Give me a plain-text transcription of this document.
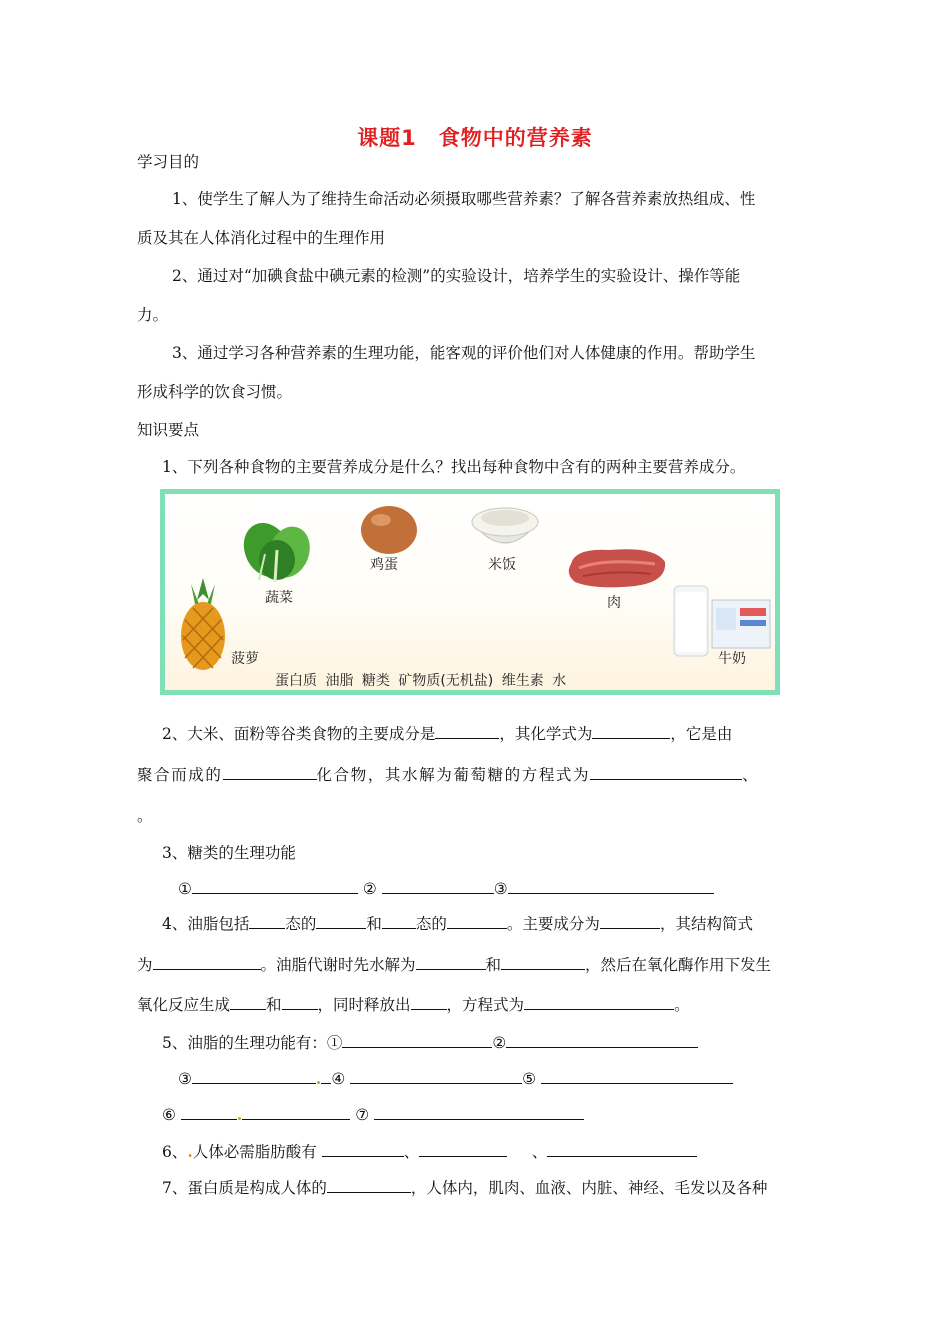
课题1　食物中的营养素
学习目的
1、使学生了解人为了维持生命活动必须摄取哪些营养素？了解各营养素放热组成、性
质及其在人体消化过程中的生理作用
2、通过对“加碘食盐中碘元素的检测”的实验设计，培养学生的实验设计、操作等能
力。
3、通过学习各种营养素的生理功能，能客观的评价他们对人体健康的作用。帮助学生
形成科学的饮食习惯。
知识要点
1、下列各种食物的主要营养成分是什么？找出每种食物中含有的两种主要营养成分。
蔬菜
鸡蛋	米饭
肉
菠萝	牛奶
蛋白质 油脂 糖类 矿物质(无机盐) 维生素 水
2、大米、面粉等谷类食物的主要成分是	，其化学式为	，它是由
聚合而成的	化合物，其水解为葡萄糖的方程式为	、
。
3、糖类的生理功能
①	②	③
4、油脂包括 态的	和 态的	。主要成分为	，其结构简式
为	。油脂代谢时先水解为	和	，然后在氧化酶作用下发生
氧化反应生成 和 ，同时释放出 ，方程式为	。
5、油脂的生理功能有：①	②
③	. ④	⑤
⑥	.	⑦
6、.人体必需脂肪酸有	、	、
7、蛋白质是构成人体的	，人体内，肌肉、血液、内脏、神经、毛发以及各种
